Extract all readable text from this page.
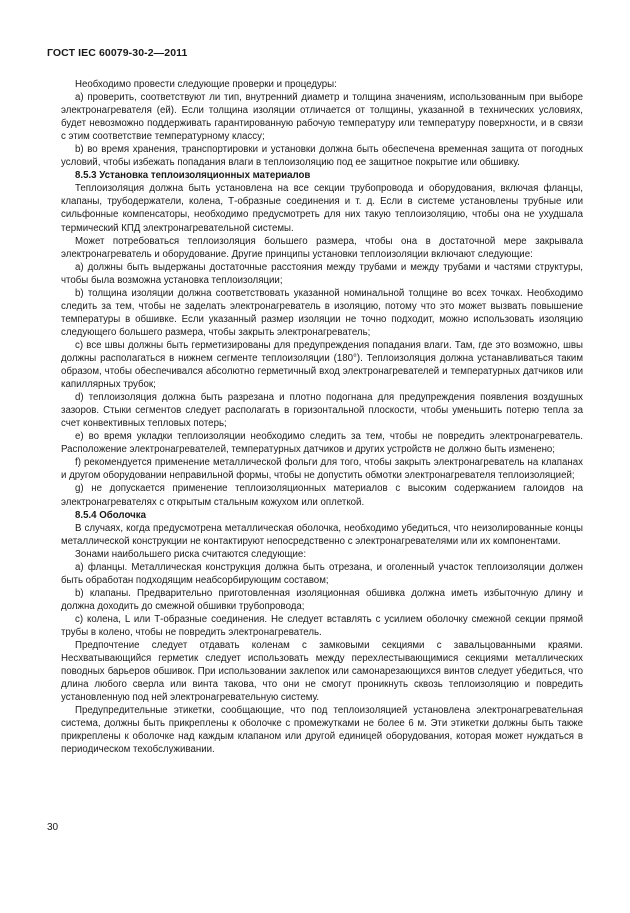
ГОСТ IEC 60079-30-2—2011

Необходимо провести следующие проверки и процедуры:

а) проверить, соответствуют ли тип, внутренний диаметр и толщина значениям, использованным при выборе электронагревателя (ей). Если толщина изоляции отличается от толщины, указанной в технических условиях, будет невозможно поддерживать гарантированную рабочую температуру или температуру поверхности, и в связи с этим соответствие температурному классу;

b) во время хранения, транспортировки и установки должна быть обеспечена временная защита от погодных условий, чтобы избежать попадания влаги в теплоизоляцию под ее защитное покрытие или обшивку.

8.5.3 Установка теплоизоляционных материалов

Теплоизоляция должна быть установлена на все секции трубопровода и оборудования, включая фланцы, клапаны, трубодержатели, колена, Т-образные соединения и т. д. Если в системе установлены трубные или сильфонные компенсаторы, необходимо предусмотреть для них такую теплоизоляцию, чтобы она не ухудшала термический КПД электронагревательной системы.

Может потребоваться теплоизоляция большего размера, чтобы она в достаточной мере закрывала электронагреватель и оборудование. Другие принципы установки теплоизоляции включают следующие:

а) должны быть выдержаны достаточные расстояния между трубами и между трубами и частями структуры, чтобы была возможна установка теплоизоляции;

b) толщина изоляции должна соответствовать указанной номинальной толщине во всех точках. Необходимо следить за тем, чтобы не заделать электронагреватель в изоляцию, потому что это может вызвать повышение температуры в обшивке. Если указанный размер изоляции не точно подходит, можно использовать изоляцию следующего большего размера, чтобы закрыть электронагреватель;

с) все швы должны быть герметизированы для предупреждения попадания влаги. Там, где это возможно, швы должны располагаться в нижнем сегменте теплоизоляции (180°). Теплоизоляция должна устанавливаться таким образом, чтобы обеспечивался абсолютно герметичный вход электронагревателей и температурных датчиков или капиллярных трубок;

d) теплоизоляция должна быть разрезана и плотно подогнана для предупреждения появления воздушных зазоров. Стыки сегментов следует располагать в горизонтальной плоскости, чтобы уменьшить потерю тепла за счет конвективных тепловых потерь;

е) во время укладки теплоизоляции необходимо следить за тем, чтобы не повредить электронагреватель. Расположение электронагревателей, температурных датчиков и других устройств не должно быть изменено;

f) рекомендуется применение металлической фольги для того, чтобы закрыть электронагреватель на клапанах и другом оборудовании неправильной формы, чтобы не допустить обмотки электронагревателя теплоизоляцией;

g) не допускается применение теплоизоляционных материалов с высоким содержанием галоидов на электронагревателях с открытым стальным кожухом или оплеткой.

8.5.4 Оболочка

В случаях, когда предусмотрена металлическая оболочка, необходимо убедиться, что неизолированные концы металлической конструкции не контактируют непосредственно с электронагревателями или их компонентами.

Зонами наибольшего риска считаются следующие:

а) фланцы. Металлическая конструкция должна быть отрезана, и оголенный участок теплоизоляции должен быть обработан подходящим неабсорбирующим составом;

b) клапаны. Предварительно приготовленная изоляционная обшивка должна иметь избыточную длину и должна доходить до смежной обшивки трубопровода;

с) колена, L или Т-образные соединения. Не следует вставлять с усилием оболочку смежной секции прямой трубы в колено, чтобы не повредить электронагреватель.

Предпочтение следует отдавать коленам с замковыми секциями с завальцованными краями. Несхватывающийся герметик следует использовать между перехлестывающимися секциями металлических поводных барьеров обшивок. При использовании заклепок или самонарезающихся винтов следует убедиться, что длина любого сверла или винта такова, что они не смогут проникнуть сквозь теплоизоляцию и повредить установленную под ней электронагревательную систему.

Предупредительные этикетки, сообщающие, что под теплоизоляцией установлена электронагревательная система, должны быть прикреплены к оболочке с промежутками не более 6 м. Эти этикетки должны быть также прикреплены к оболочке над каждым клапаном или другой единицей оборудования, которая может нуждаться в периодическом техобслуживании.

30
